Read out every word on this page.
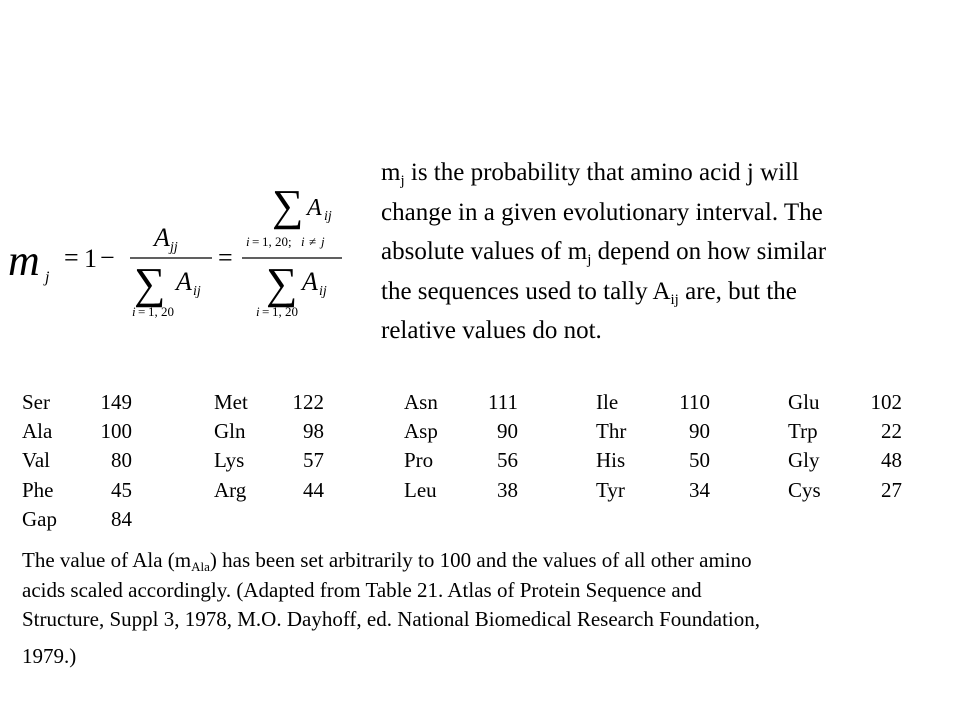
m j
= 1 −
A jj
∑ A ij
i = 1, 20
=
∑ A ij
i = 1, 20; i ≠ j
∑ A ij
i = 1, 20
$m_j$ is the probability that amino acid j will
change in a given evolutionary interval. The
absolute values of $m_j$ depend on how similar
the sequences used to tally $A_{ij}$ are, but the
relative values do not.
Ser	149	Met	122	Asn	111	Ile	110	Glu	102
Ala	100	Gln	98	Asp	90	Thr	90	Trp	22
Val	80	Lys	57	Pro	56	His	50	Gly	48
Phe	45	Arg	44	Leu	38	Tyr	34	Cys	27
Gap	84
The value of Ala $(m_{Ala})$ has been set arbitrarily to 100 and the values of all other amino
acids scaled accordingly. (Adapted from Table 21. Atlas of Protein Sequence and
Structure, Suppl 3, 1978, M.O. Dayhoff, ed. National Biomedical Research Foundation,
1979.)
